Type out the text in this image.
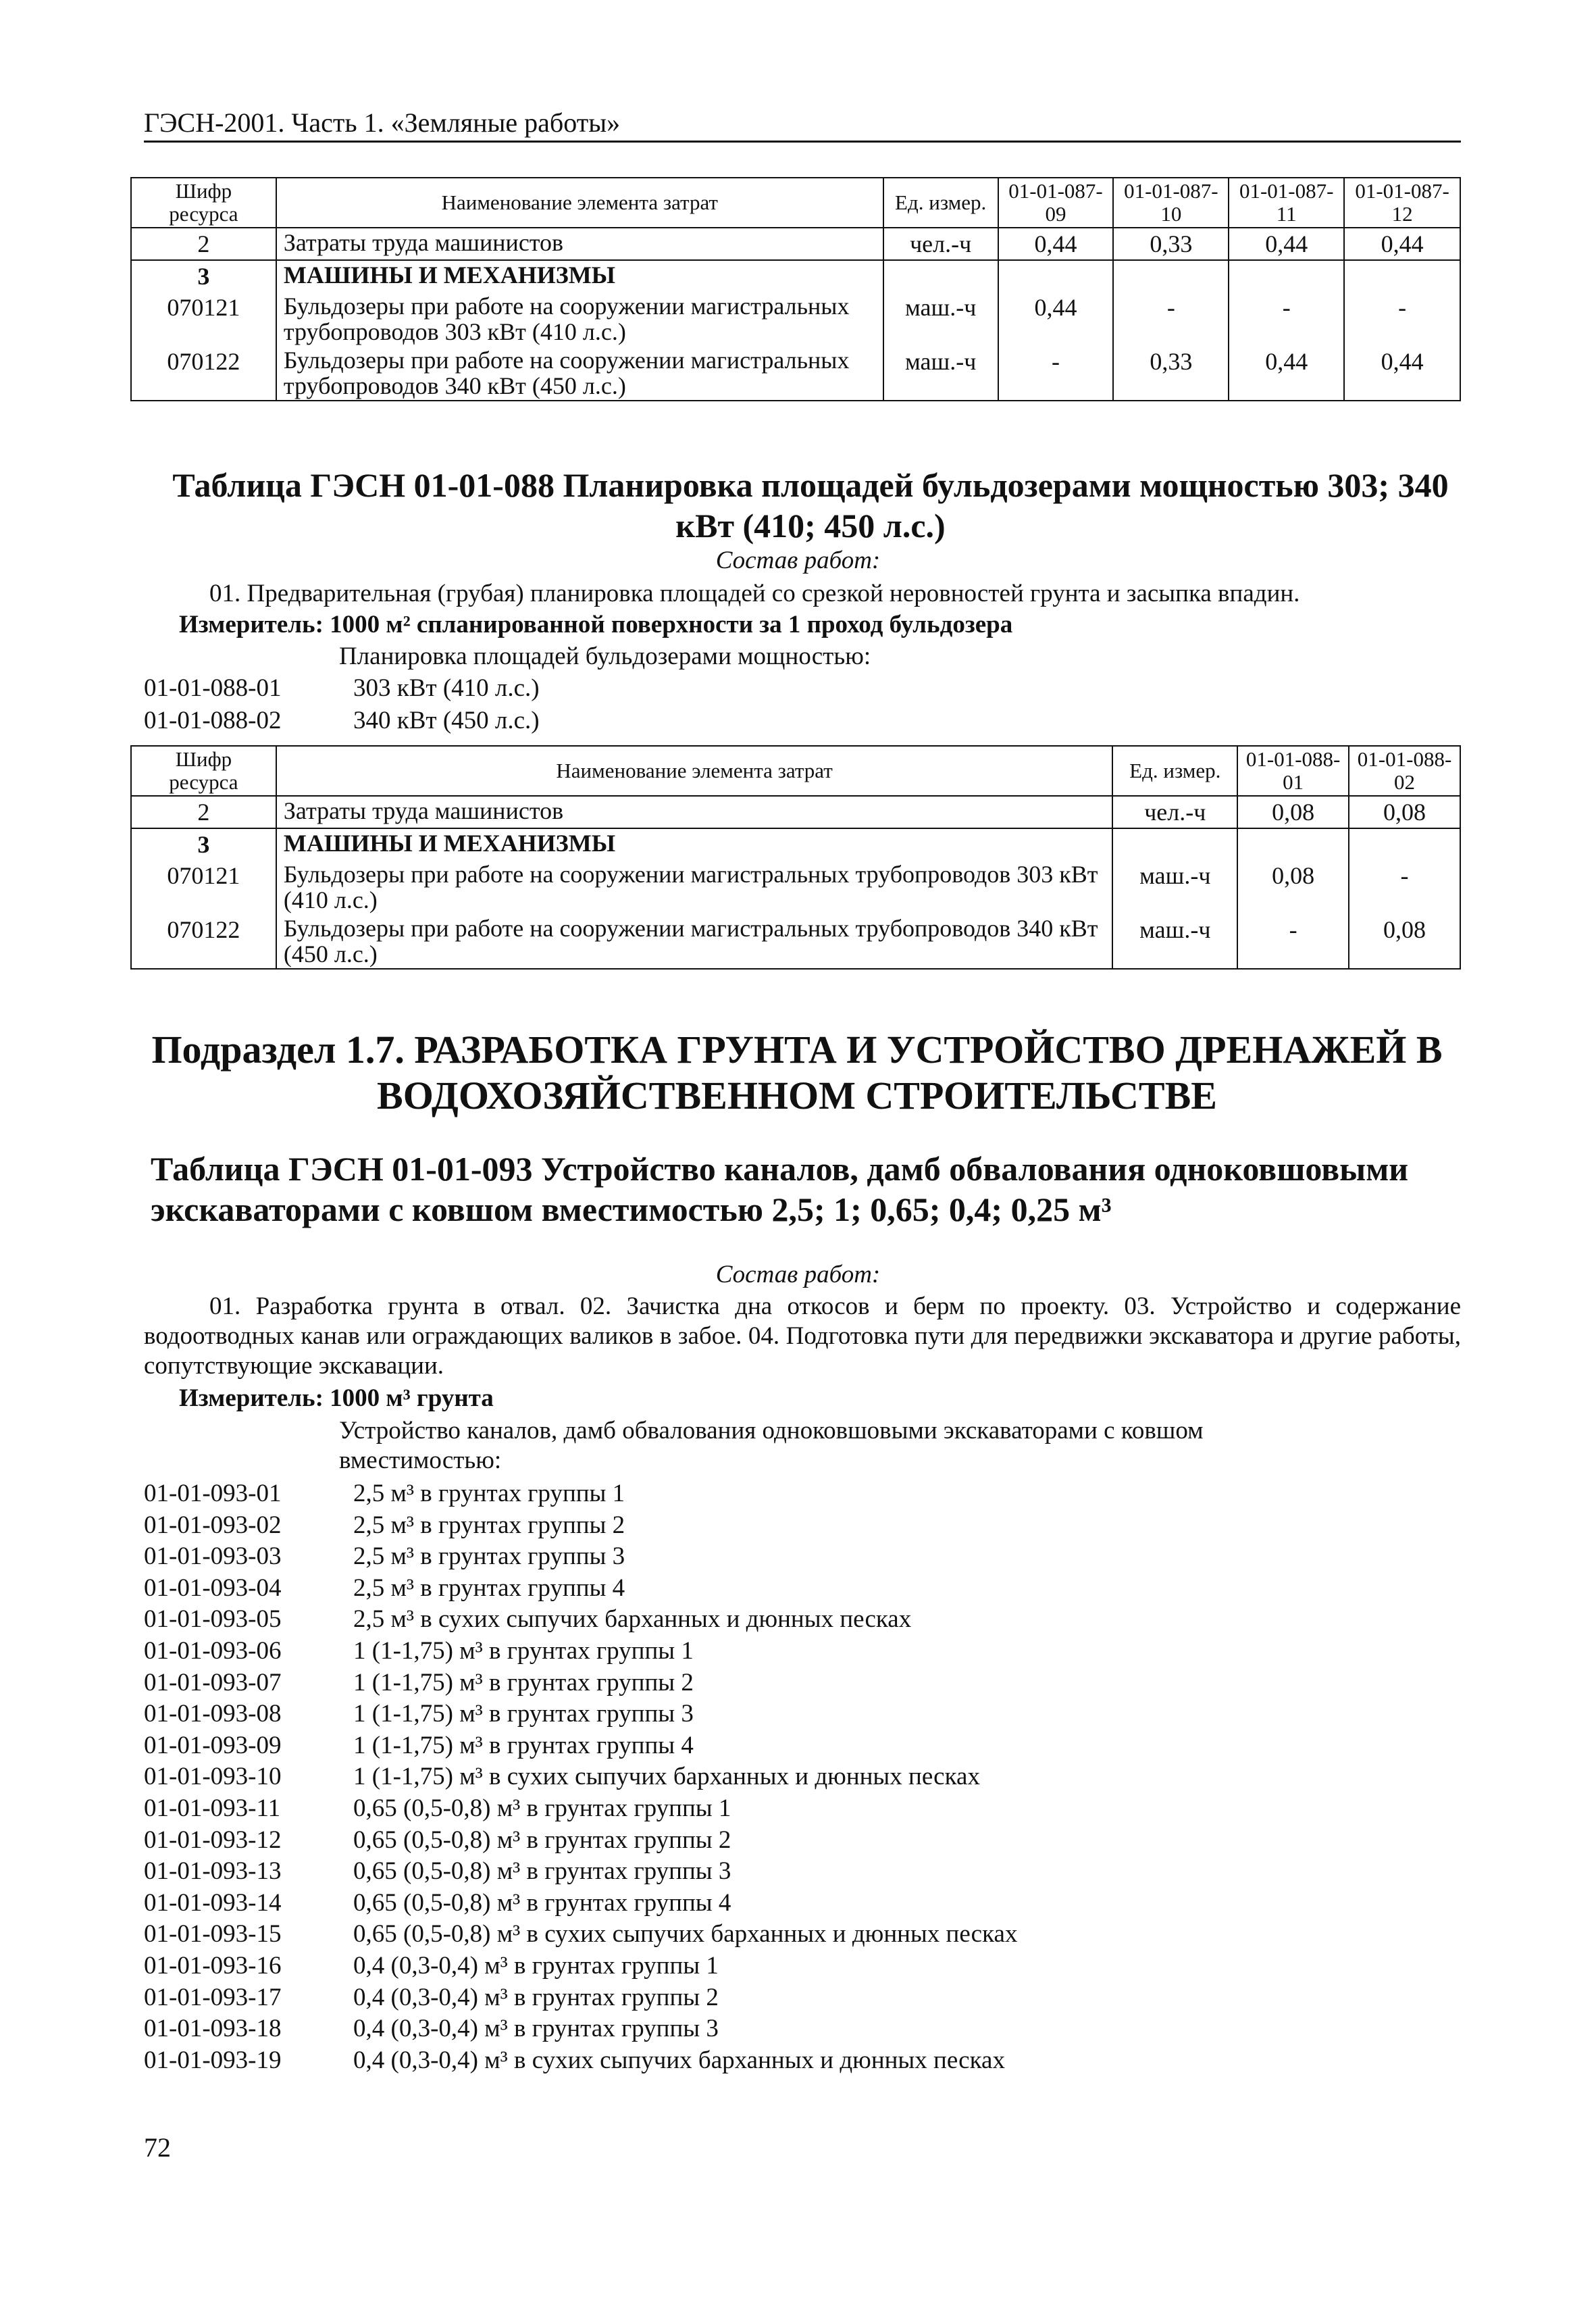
ГЭСН-2001. Часть 1. «Земляные работы»
Шифр ресурса	Наименование элемента затрат	Ед. измер.	01-01-087-09	01-01-087-10	01-01-087-11	01-01-087-12
2	Затраты труда машинистов	чел.-ч	0,44	0,33	0,44	0,44
3	МАШИНЫ И МЕХАНИЗМЫ					
070121	Бульдозеры при работе на сооружении магистральных трубопроводов 303 кВт (410 л.с.)	маш.-ч	0,44	-	-	-
070122	Бульдозеры при работе на сооружении магистральных трубопроводов 340 кВт (450 л.с.)	маш.-ч	-	0,33	0,44	0,44
Таблица ГЭСН 01-01-088 Планировка площадей бульдозерами мощностью 303; 340 кВт (410; 450 л.с.)
Состав работ:
01. Предварительная (грубая) планировка площадей со срезкой неровностей грунта и засыпка впадин.
Измеритель: 1000 м² спланированной поверхности за 1 проход бульдозера
Планировка площадей бульдозерами мощностью:
01-01-088-01	303 кВт (410 л.с.)
01-01-088-02	340 кВт (450 л.с.)
Шифр ресурса	Наименование элемента затрат	Ед. измер.	01-01-088-01	01-01-088-02
2	Затраты труда машинистов	чел.-ч	0,08	0,08
3	МАШИНЫ И МЕХАНИЗМЫ			
070121	Бульдозеры при работе на сооружении магистральных трубопроводов 303 кВт (410 л.с.)	маш.-ч	0,08	-
070122	Бульдозеры при работе на сооружении магистральных трубопроводов 340 кВт (450 л.с.)	маш.-ч	-	0,08
Подраздел 1.7. РАЗРАБОТКА ГРУНТА И УСТРОЙСТВО ДРЕНАЖЕЙ В ВОДОХОЗЯЙСТВЕННОМ СТРОИТЕЛЬСТВЕ
Таблица ГЭСН 01-01-093 Устройство каналов, дамб обвалования одноковшовыми экскаваторами с ковшом вместимостью 2,5; 1; 0,65; 0,4; 0,25 м³
Состав работ:
01. Разработка грунта в отвал. 02. Зачистка дна откосов и берм по проекту. 03. Устройство и содержание водоотводных канав или ограждающих валиков в забое. 04. Подготовка пути для передвижки экскаватора и другие работы, сопутствующие экскавации.
Измеритель: 1000 м³ грунта
Устройство каналов, дамб обвалования одноковшовыми экскаваторами с ковшом вместимостью:
01-01-093-01	2,5 м³ в грунтах группы 1
01-01-093-02	2,5 м³ в грунтах группы 2
01-01-093-03	2,5 м³ в грунтах группы 3
01-01-093-04	2,5 м³ в грунтах группы 4
01-01-093-05	2,5 м³ в сухих сыпучих барханных и дюнных песках
01-01-093-06	1 (1-1,75) м³ в грунтах группы 1
01-01-093-07	1 (1-1,75) м³ в грунтах группы 2
01-01-093-08	1 (1-1,75) м³ в грунтах группы 3
01-01-093-09	1 (1-1,75) м³ в грунтах группы 4
01-01-093-10	1 (1-1,75) м³ в сухих сыпучих барханных и дюнных песках
01-01-093-11	0,65 (0,5-0,8) м³ в грунтах группы 1
01-01-093-12	0,65 (0,5-0,8) м³ в грунтах группы 2
01-01-093-13	0,65 (0,5-0,8) м³ в грунтах группы 3
01-01-093-14	0,65 (0,5-0,8) м³ в грунтах группы 4
01-01-093-15	0,65 (0,5-0,8) м³ в сухих сыпучих барханных и дюнных песках
01-01-093-16	0,4 (0,3-0,4) м³ в грунтах группы 1
01-01-093-17	0,4 (0,3-0,4) м³ в грунтах группы 2
01-01-093-18	0,4 (0,3-0,4) м³ в грунтах группы 3
01-01-093-19	0,4 (0,3-0,4) м³ в сухих сыпучих барханных и дюнных песках
72
